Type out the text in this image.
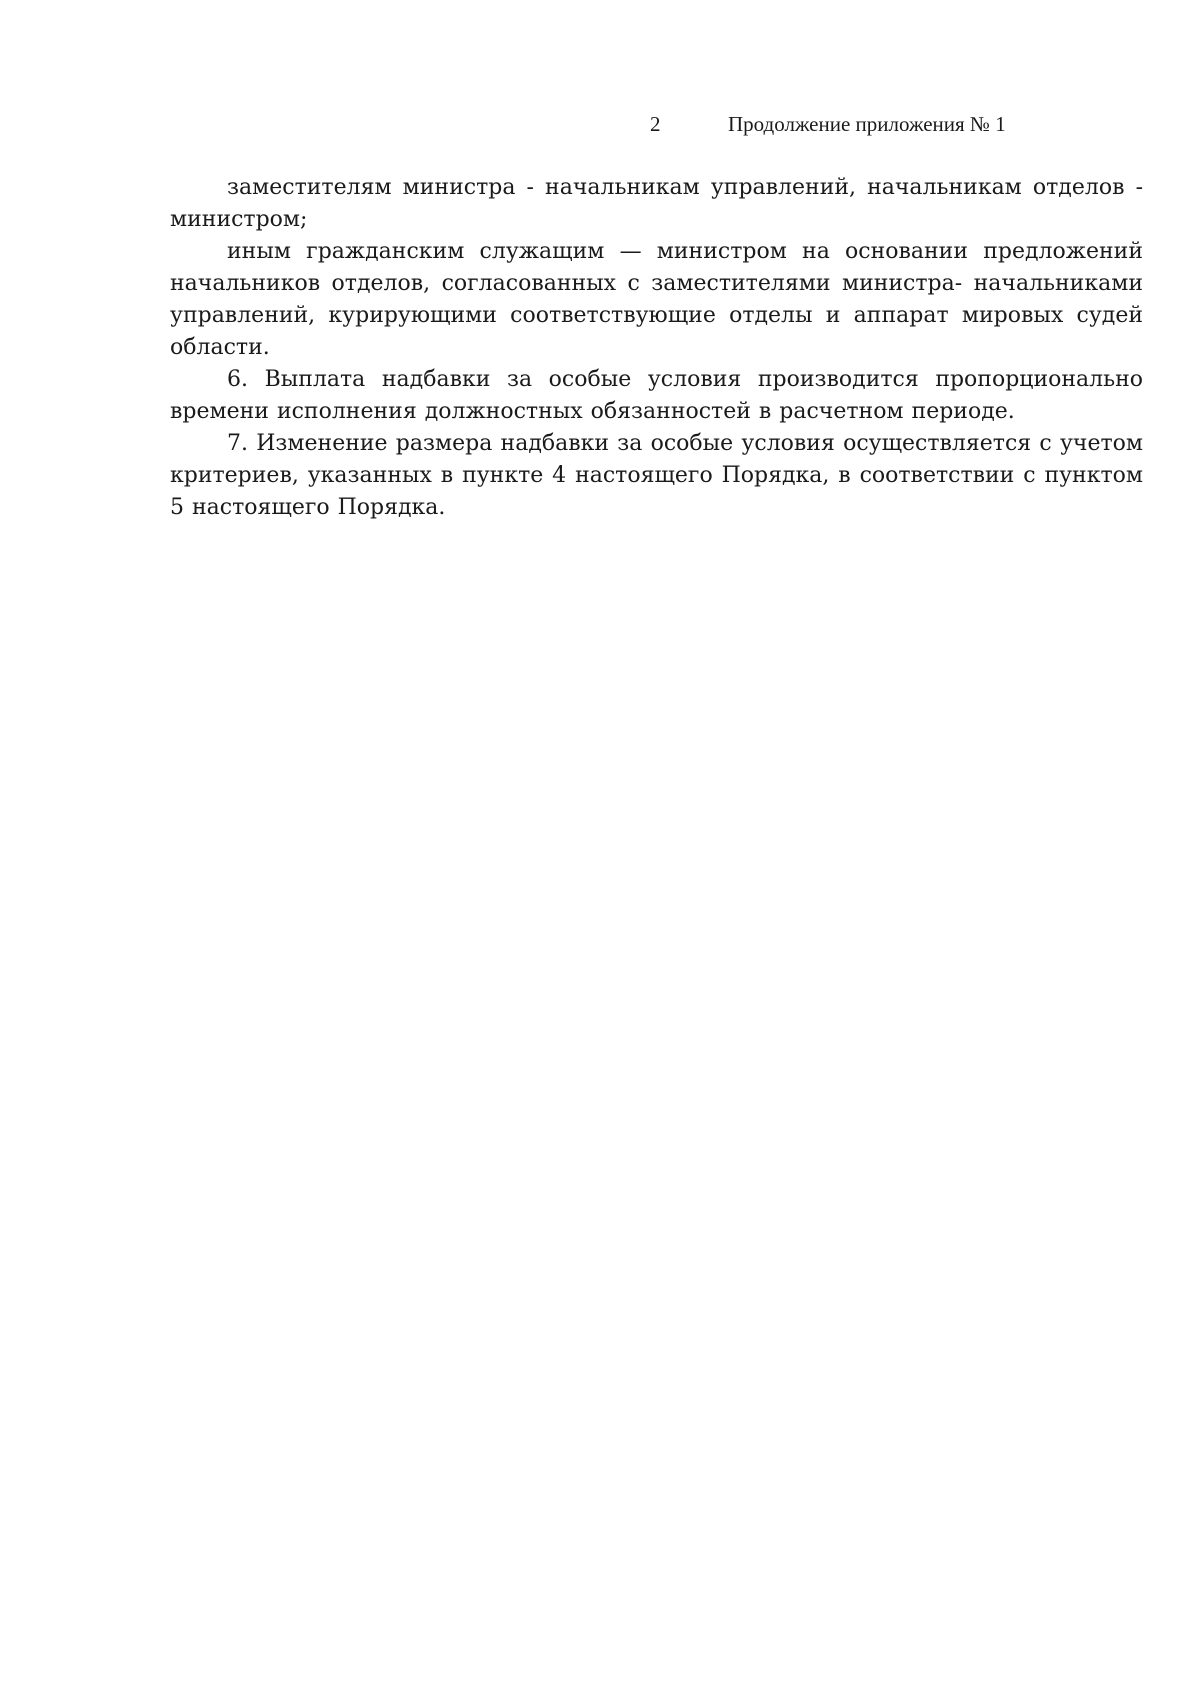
2	Продолжение приложения № 1

заместителям министра - начальникам управлений, начальникам отделов - министром;

иным гражданским служащим — министром на основании предложений начальников отделов, согласованных с заместителями министра- начальниками управлений, курирующими соответствующие отделы и аппарат мировых судей области.

6. Выплата надбавки за особые условия производится пропорционально времени исполнения должностных обязанностей в расчетном периоде.

7. Изменение размера надбавки за особые условия осуществляется с учетом критериев, указанных в пункте 4 настоящего Порядка, в соответствии с пунктом 5 настоящего Порядка.
